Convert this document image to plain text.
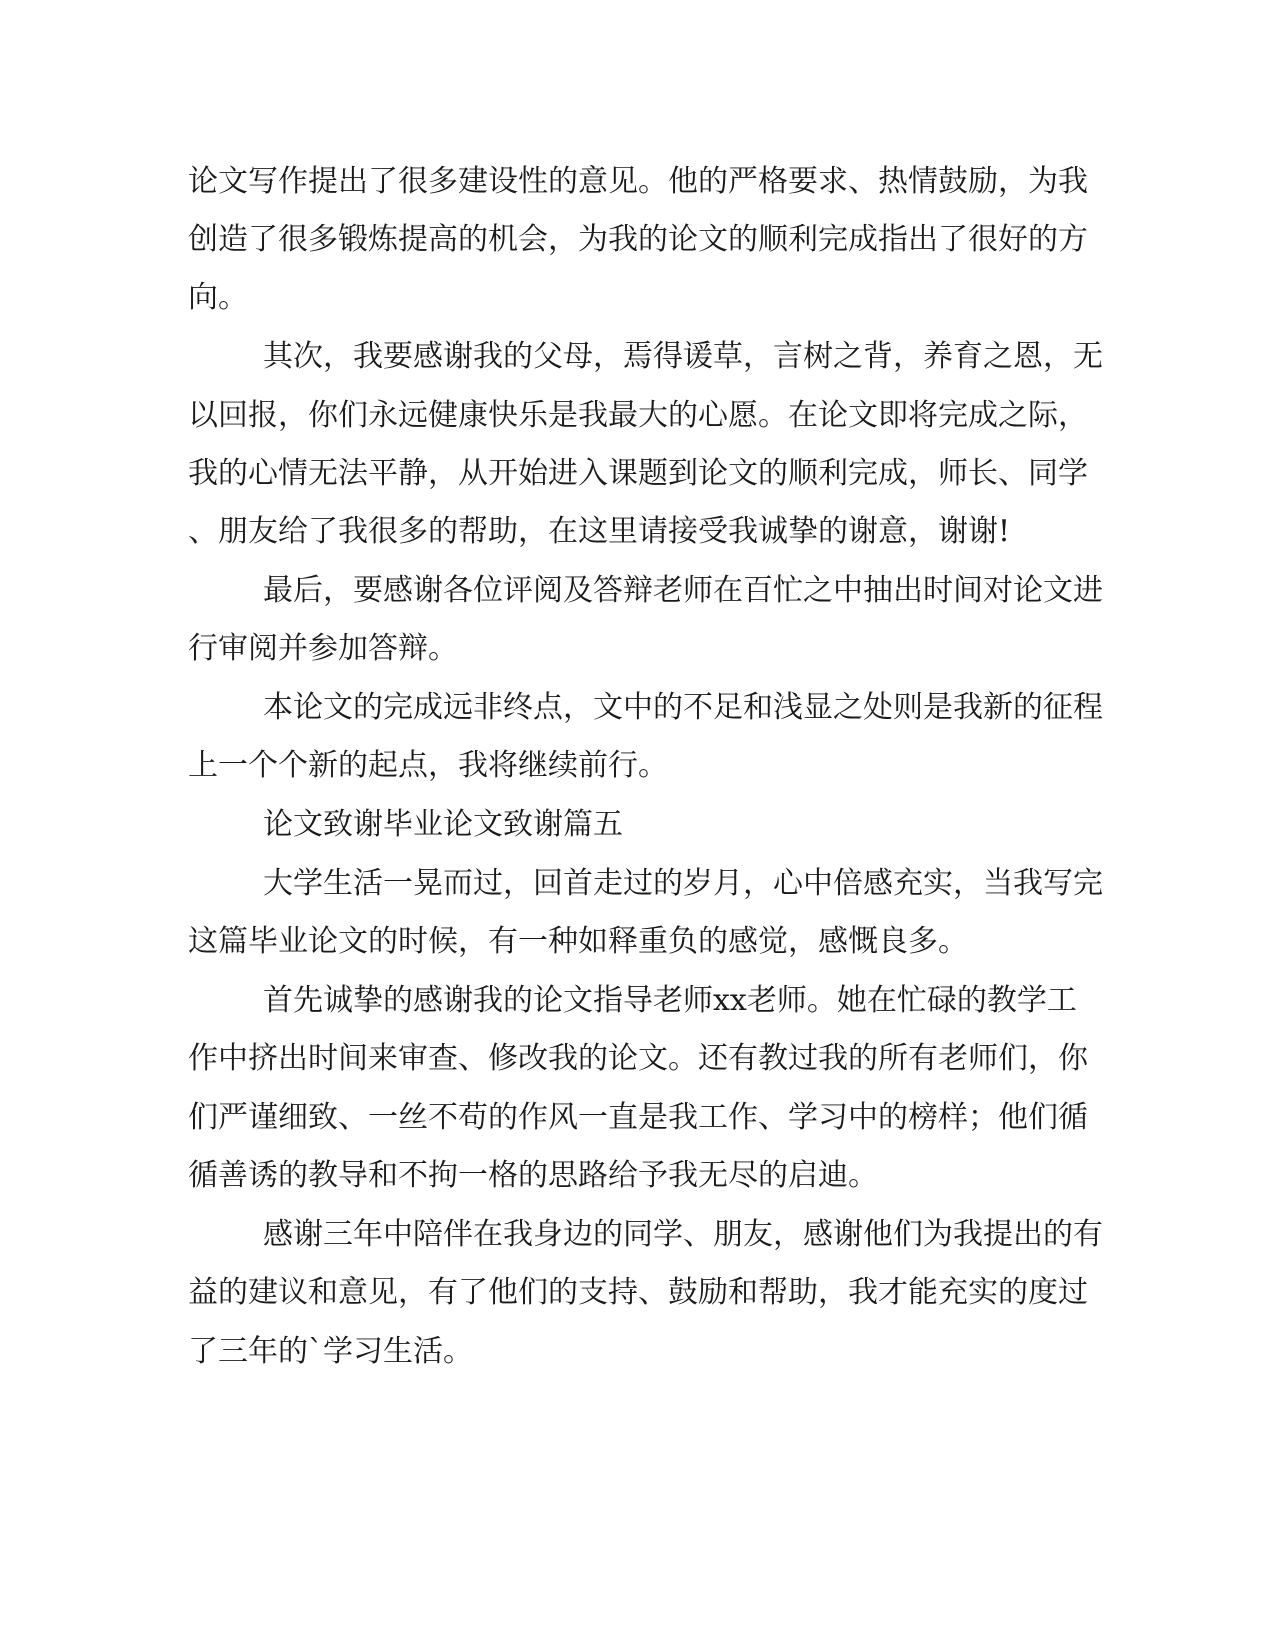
论文写作提出了很多建设性的意见。他的严格要求、热情鼓励，为我

创造了很多锻炼提高的机会，为我的论文的顺利完成指出了很好的方

向。

其次，我要感谢我的父母，焉得谖草，言树之背，养育之恩，无

以回报，你们永远健康快乐是我最大的心愿。在论文即将完成之际，

我的心情无法平静，从开始进入课题到论文的顺利完成，师长、同学

、朋友给了我很多的帮助，在这里请接受我诚挚的谢意，谢谢!

最后，要感谢各位评阅及答辩老师在百忙之中抽出时间对论文进

行审阅并参加答辩。

本论文的完成远非终点，文中的不足和浅显之处则是我新的征程

上一个个新的起点，我将继续前行。

论文致谢毕业论文致谢篇五

大学生活一晃而过，回首走过的岁月，心中倍感充实，当我写完

这篇毕业论文的时候，有一种如释重负的感觉，感慨良多。

首先诚挚的感谢我的论文指导老师xx老师。她在忙碌的教学工

作中挤出时间来审查、修改我的论文。还有教过我的所有老师们，你

们严谨细致、一丝不苟的作风一直是我工作、学习中的榜样；他们循

循善诱的教导和不拘一格的思路给予我无尽的启迪。

感谢三年中陪伴在我身边的同学、朋友，感谢他们为我提出的有

益的建议和意见，有了他们的支持、鼓励和帮助，我才能充实的度过

了三年的`学习生活。
